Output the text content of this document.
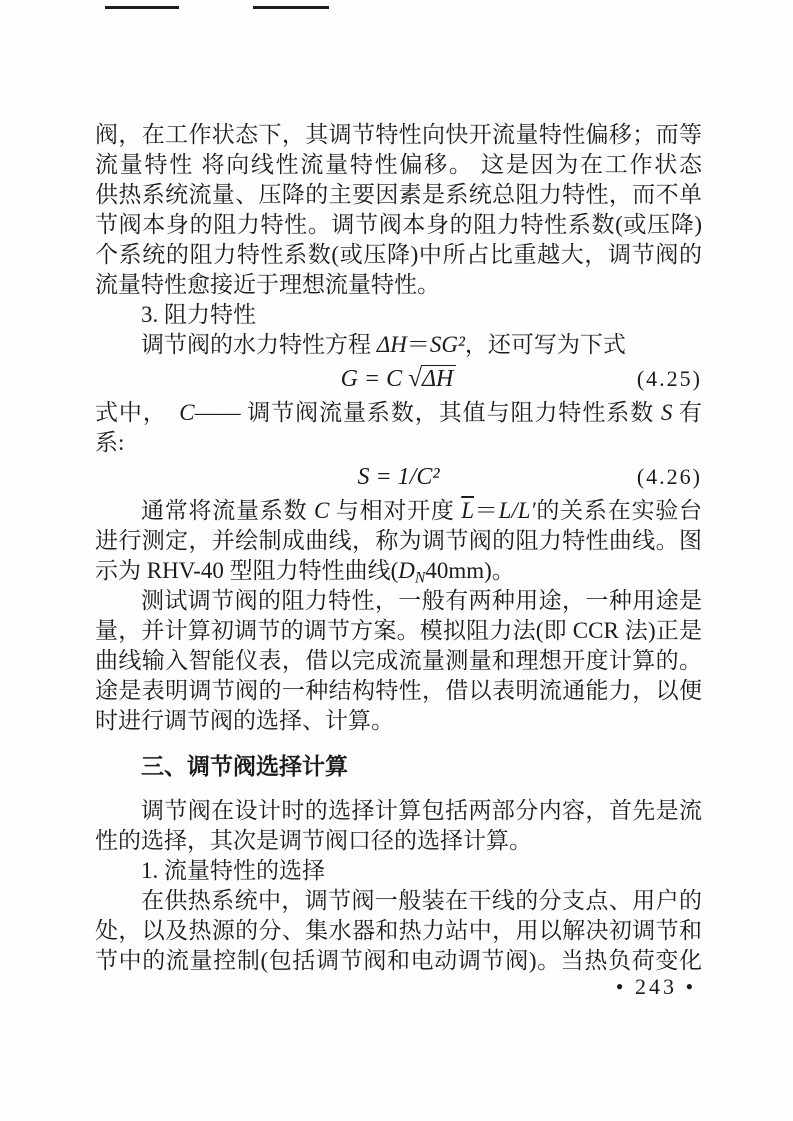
阀，在工作状态下，其调节特性向快开流量特性偏移；而等
流量特性 将向线性流量特性偏移。 这是因为在工作状态
供热系统流量、压降的主要因素是系统总阻力特性，而不单
节阀本身的阻力特性。调节阀本身的阻力特性系数(或压降)
个系统的阻力特性系数(或压降)中所占比重越大，调节阀的
流量特性愈接近于理想流量特性。
3. 阻力特性
调节阀的水力特性方程 ΔH＝SG²，还可写为下式
G = C √ΔH	(4.25)
式中，　C—— 调节阀流量系数，其值与阻力特性系数 S 有
系:
S = 1/C²	(4.26)
通常将流量系数 C 与相对开度 $\overline{L}=L/L'$的关系在实验台
进行测定，并绘制成曲线，称为调节阀的阻力特性曲线。图
示为 RHV-40 型阻力特性曲线(DN40mm)。
测试调节阀的阻力特性，一般有两种用途，一种用途是
量，并计算初调节的调节方案。模拟阻力法(即 CCR 法)正是
曲线输入智能仪表，借以完成流量测量和理想开度计算的。
途是表明调节阀的一种结构特性，借以表明流通能力，以便
时进行调节阀的选择、计算。
三、调节阀选择计算
调节阀在设计时的选择计算包括两部分内容，首先是流
性的选择，其次是调节阀口径的选择计算。
1. 流量特性的选择
在供热系统中，调节阀一般装在干线的分支点、用户的
处，以及热源的分、集水器和热力站中，用以解决初调节和
节中的流量控制(包括调节阀和电动调节阀)。当热负荷变化
• 243 •
